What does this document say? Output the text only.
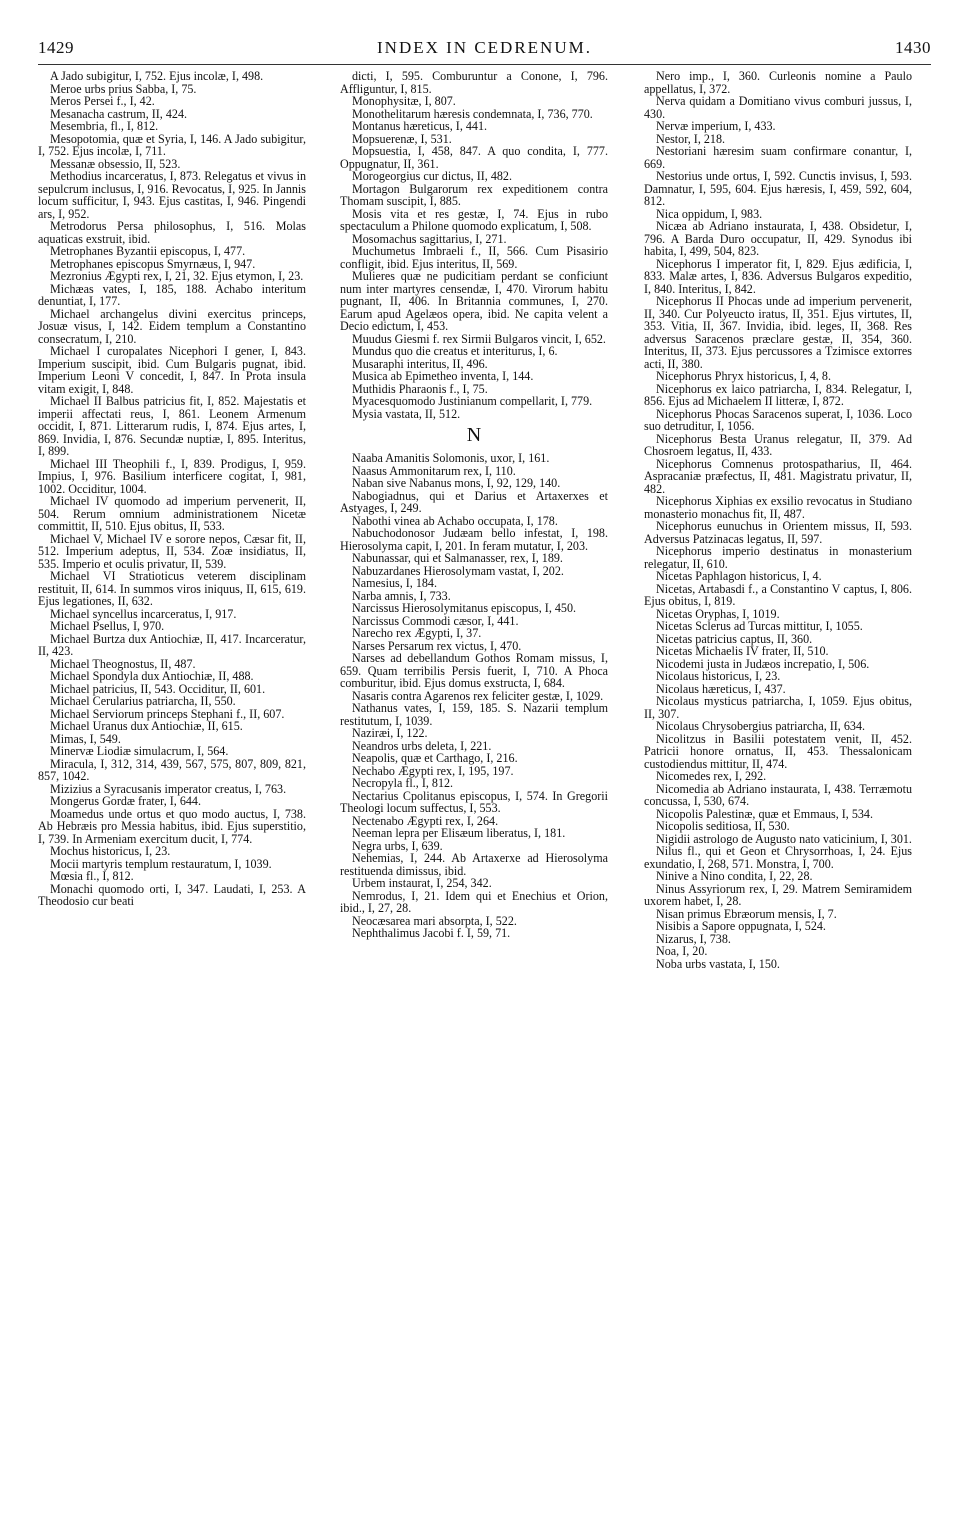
1429	INDEX IN CEDRENUM.	1430

A Jado subigitur, I, 752. Ejus incolæ, I, 498.

Meroe urbs prius Sabba, I, 75.

Meros Persei f., I, 42.

Mesanacha castrum, II, 424.

Mesembria, fl., I, 812.

Mesopotomia, quæ et Syria, I, 146. A Jado subigitur, I, 752. Ejus incolæ, I, 711.

Messanæ obsessio, II, 523.

Methodius incarceratus, I, 873. Relegatus et vivus in sepulcrum inclusus, I, 916. Revocatus, I, 925. In Jannis locum sufficitur, I, 943. Ejus castitas, I, 946. Pingendi ars, I, 952.

Metrodorus Persa philosophus, I, 516. Molas aquaticas exstruit, ibid.

Metrophanes Byzantii episcopus, I, 477.

Metrophanes episcopus Smyrnæus, I, 947.

Mezronius Ægypti rex, I, 21, 32. Ejus etymon, I, 23.

Michæas vates, I, 185, 188. Achabo interitum denuntiat, I, 177.

Michael archangelus divini exercitus princeps, Josuæ visus, I, 142. Eidem templum a Constantino consecratum, I, 210.

Michael I curopalates Nicephori I gener, I, 843. Imperium suscipit, ibid. Cum Bulgaris pugnat, ibid. Imperium Leoni V concedit, I, 847. In Prota insula vitam exigit, I, 848.

Michael II Balbus patricius fit, I, 852. Majestatis et imperii affectati reus, I, 861. Leonem Armenum occidit, I, 871. Litterarum rudis, I, 874. Ejus artes, I, 869. Invidia, I, 876. Secundæ nuptiæ, I, 895. Interitus, I, 899.

Michael III Theophili f., I, 839. Prodigus, I, 959. Impius, I, 976. Basilium interficere cogitat, I, 981, 1002. Occiditur, 1004.

Michael IV quomodo ad imperium pervenerit, II, 504. Rerum omnium administrationem Nicetæ committit, II, 510. Ejus obitus, II, 533.

Michael V, Michael IV e sorore nepos, Cæsar fit, II, 512. Imperium adeptus, II, 534. Zoæ insidiatus, II, 535. Imperio et oculis privatur, II, 539.

Michael VI Stratioticus veterem disciplinam restituit, II, 614. In summos viros iniquus, II, 615, 619. Ejus legationes, II, 632.

Michael syncellus incarceratus, I, 917.

Michael Psellus, I, 970.

Michael Burtza dux Antiochiæ, II, 417. Incarceratur, II, 423.

Michael Theognostus, II, 487.

Michael Spondyla dux Antiochiæ, II, 488.

Michael patricius, II, 543. Occiditur, II, 601.

Michael Cerularius patriarcha, II, 550.

Michael Serviorum princeps Stephani f., II, 607.

Michael Uranus dux Antiochiæ, II, 615.

Mimas, I, 549.

Minervæ Liodiæ simulacrum, I, 564.

Miracula, I, 312, 314, 439, 567, 575, 807, 809, 821, 857, 1042.

Mizizius a Syracusanis imperator creatus, I, 763.

Mongerus Gordæ frater, I, 644.

Moamedus unde ortus et quo modo auctus, I, 738. Ab Hebræis pro Messia habitus, ibid. Ejus superstitio, I, 739. In Armeniam exercitum ducit, I, 774.

Mochus historicus, I, 23.

Mocii martyris templum restauratum, I, 1039.

Mœsia fl., I, 812.

Monachi quomodo orti, I, 347. Laudati, I, 253. A Theodosio cur beati

dicti, I, 595. Comburuntur a Conone, I, 796. Affliguntur, I, 815.

Monophysitæ, I, 807.

Monothelitarum hæresis condemnata, I, 736, 770.

Montanus hæreticus, I, 441.

Mopsuerenæ, I, 531.

Mopsuestia, I, 458, 847. A quo condita, I, 777. Oppugnatur, II, 361.

Morogeorgius cur dictus, II, 482.

Mortagon Bulgarorum rex expeditionem contra Thomam suscipit, I, 885.

Mosis vita et res gestæ, I, 74. Ejus in rubo spectaculum a Philone quomodo explicatum, I, 508.

Mosomachus sagittarius, I, 271.

Muchumetus Imbraeli f., II, 566. Cum Pisasirio confligit, ibid. Ejus interitus, II, 569.

Mulieres quæ ne pudicitiam perdant se conficiunt num inter martyres censendæ, I, 470. Virorum habitu pugnant, II, 406. In Britannia communes, I, 270. Earum apud Agelæos opera, ibid. Ne capita velent a Decio edictum, I, 453.

Muudus Giesmi f. rex Sirmii Bulgaros vincit, I, 652.

Mundus quo die creatus et interiturus, I, 6.

Musaraphi interitus, II, 496.

Musica ab Epimetheo inventa, I, 144.

Muthidis Pharaonis f., I, 75.

Myacesquomodo Justinianum compellarit, I, 779.

Mysia vastata, II, 512.

N

Naaba Amanitis Solomonis, uxor, I, 161.

Naasus Ammonitarum rex, I, 110.

Naban sive Nabanus mons, I, 92, 129, 140.

Nabogiadnus, qui et Darius et Artaxerxes et Astyages, I, 249.

Nabothi vinea ab Achabo occupata, I, 178.

Nabuchodonosor Judæam bello infestat, I, 198. Hierosolyma capit, I, 201. In feram mutatur, I, 203.

Nabunassar, qui et Salmanasser, rex, I, 189.

Nabuzardanes Hierosolymam vastat, I, 202.

Namesius, I, 184.

Narba amnis, I, 733.

Narcissus Hierosolymitanus episcopus, I, 450.

Narcissus Commodi cæsor, I, 441.

Narecho rex Ægypti, I, 37.

Narses Persarum rex victus, I, 470.

Narses ad debellandum Gothos Romam missus, I, 659. Quam terribilis Persis fuerit, I, 710. A Phoca comburitur, ibid. Ejus domus exstructa, I, 684.

Nasaris contra Agarenos rex feliciter gestæ, I, 1029.

Nathanus vates, I, 159, 185. S. Nazarii templum restitutum, I, 1039.

Naziræi, I, 122.

Neandros urbs deleta, I, 221.

Neapolis, quæ et Carthago, I, 216.

Nechabo Ægypti rex, I, 195, 197.

Necropyla fl., I, 812.

Nectarius Cpolitanus episcopus, I, 574. In Gregorii Theologi locum suffectus, I, 553.

Nectenabo Ægypti rex, I, 264.

Neeman lepra per Elisæum liberatus, I, 181.

Negra urbs, I, 639.

Nehemias, I, 244. Ab Artaxerxe ad Hierosolyma restituenda dimissus, ibid.

Urbem instaurat, I, 254, 342.

Nemrodus, I, 21. Idem qui et Enechius et Orion, ibid., I, 27, 28.

Neocæsarea mari absorpta, I, 522.

Nephthalimus Jacobi f. I, 59, 71.

Nero imp., I, 360. Curleonis nomine a Paulo appellatus, I, 372.

Nerva quidam a Domitiano vivus comburi jussus, I, 430.

Nervæ imperium, I, 433.

Nestor, I, 218.

Nestoriani hæresim suam confirmare conantur, I, 669.

Nestorius unde ortus, I, 592. Cunctis invisus, I, 593. Damnatur, I, 595, 604. Ejus hæresis, I, 459, 592, 604, 812.

Nica oppidum, I, 983.

Nicæa ab Adriano instaurata, I, 438. Obsidetur, I, 796. A Barda Duro occupatur, II, 429. Synodus ibi habita, I, 499, 504, 823.

Nicephorus I imperator fit, I, 829. Ejus ædificia, I, 833. Malæ artes, I, 836. Adversus Bulgaros expeditio, I, 840. Interitus, I, 842.

Nicephorus II Phocas unde ad imperium pervenerit, II, 340. Cur Polyeucto iratus, II, 351. Ejus virtutes, II, 353. Vitia, II, 367. Invidia, ibid. leges, II, 368. Res adversus Saracenos præclare gestæ, II, 354, 360. Interitus, II, 373. Ejus percussores a Tzimisce extorres acti, II, 380.

Nicephorus Phryx historicus, I, 4, 8.

Nicephorus ex laico patriarcha, I, 834. Relegatur, I, 856. Ejus ad Michaelem II litteræ, I, 872.

Nicephorus Phocas Saracenos superat, I, 1036. Loco suo detruditur, I, 1056.

Nicephorus Besta Uranus relegatur, II, 379. Ad Chosroem legatus, II, 433.

Nicephorus Comnenus protospatharius, II, 464. Aspracaniæ præfectus, II, 481. Magistratu privatur, II, 482.

Nicephorus Xiphias ex exsilio revocatus in Studiano monasterio monachus fit, II, 487.

Nicephorus eunuchus in Orientem missus, II, 593. Adversus Patzinacas legatus, II, 597.

Nicephorus imperio destinatus in monasterium relegatur, II, 610.

Nicetas Paphlagon historicus, I, 4.

Nicetas, Artabasdi f., a Constantino V captus, I, 806. Ejus obitus, I, 819.

Nicetas Oryphas, I, 1019.

Nicetas Sclerus ad Turcas mittitur, I, 1055.

Nicetas patricius captus, II, 360.

Nicetas Michaelis IV frater, II, 510.

Nicodemi justa in Judæos increpatio, I, 506.

Nicolaus historicus, I, 23.

Nicolaus hæreticus, I, 437.

Nicolaus mysticus patriarcha, I, 1059. Ejus obitus, II, 307.

Nicolaus Chrysobergius patriarcha, II, 634.

Nicolitzus in Basilii potestatem venit, II, 452. Patricii honore ornatus, II, 453. Thessalonicam custodiendus mittitur, II, 474.

Nicomedes rex, I, 292.

Nicomedia ab Adriano instaurata, I, 438. Terræmotu concussa, I, 530, 674.

Nicopolis Palestinæ, quæ et Emmaus, I, 534.

Nicopolis seditiosa, II, 530.

Nigidii astrologo de Augusto nato vaticinium, I, 301.

Nilus fl., qui et Geon et Chrysorrhoas, I, 24. Ejus exundatio, I, 268, 571. Monstra, I, 700.

Ninive a Nino condita, I, 22, 28.

Ninus Assyriorum rex, I, 29. Matrem Semiramidem uxorem habet, I, 28.

Nisan primus Ebræorum mensis, I, 7.

Nisibis a Sapore oppugnata, I, 524.

Nizarus, I, 738.

Noa, I, 20.

Noba urbs vastata, I, 150.
